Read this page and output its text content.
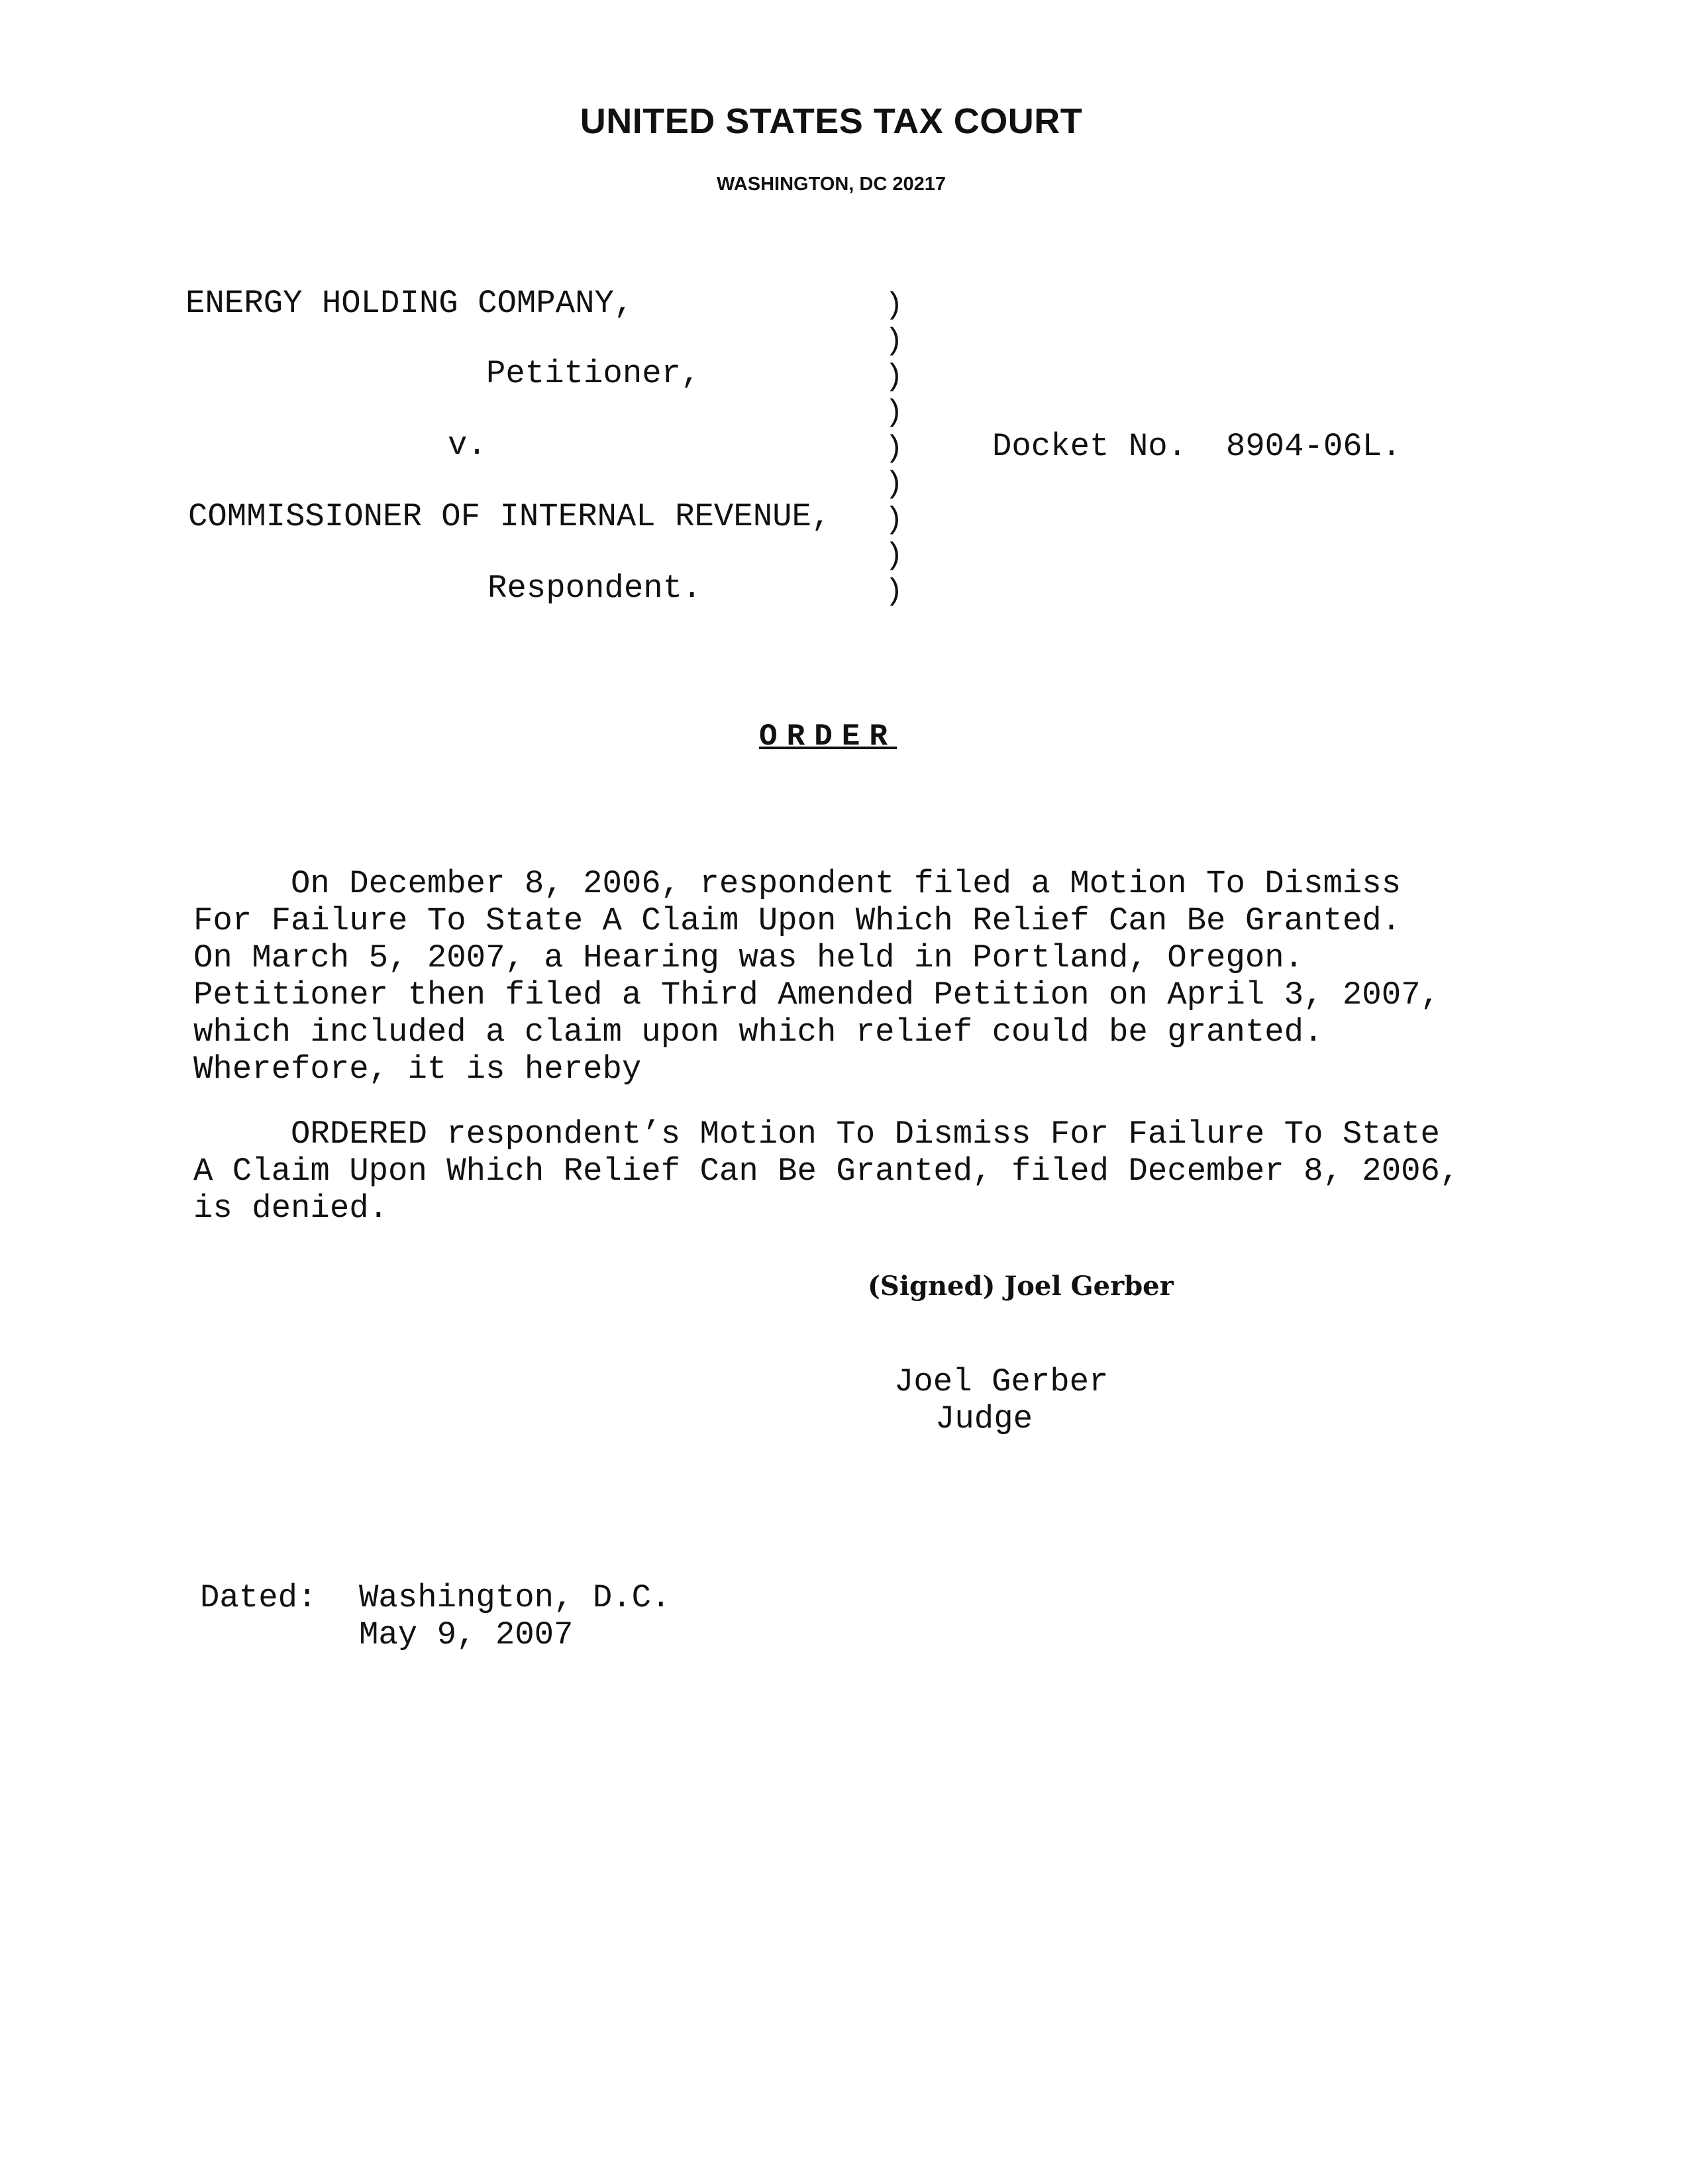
UNITED STATES TAX COURT
WASHINGTON, DC 20217
ENERGY HOLDING COMPANY,
Petitioner,
v.
COMMISSIONER OF INTERNAL REVENUE,
Respondent.
)
)
)
)
)
)
)
)
)
Docket No.  8904-06L.
ORDER
On December 8, 2006, respondent filed a Motion To Dismiss
For Failure To State A Claim Upon Which Relief Can Be Granted.
On March 5, 2007, a Hearing was held in Portland, Oregon.
Petitioner then filed a Third Amended Petition on April 3, 2007,
which included a claim upon which relief could be granted.
Wherefore, it is hereby
ORDERED respondent’s Motion To Dismiss For Failure To State
A Claim Upon Which Relief Can Be Granted, filed December 8, 2006,
is denied.
(Signed) Joel Gerber
Joel Gerber
Judge
Dated: Washington, D.C.
May 9, 2007
